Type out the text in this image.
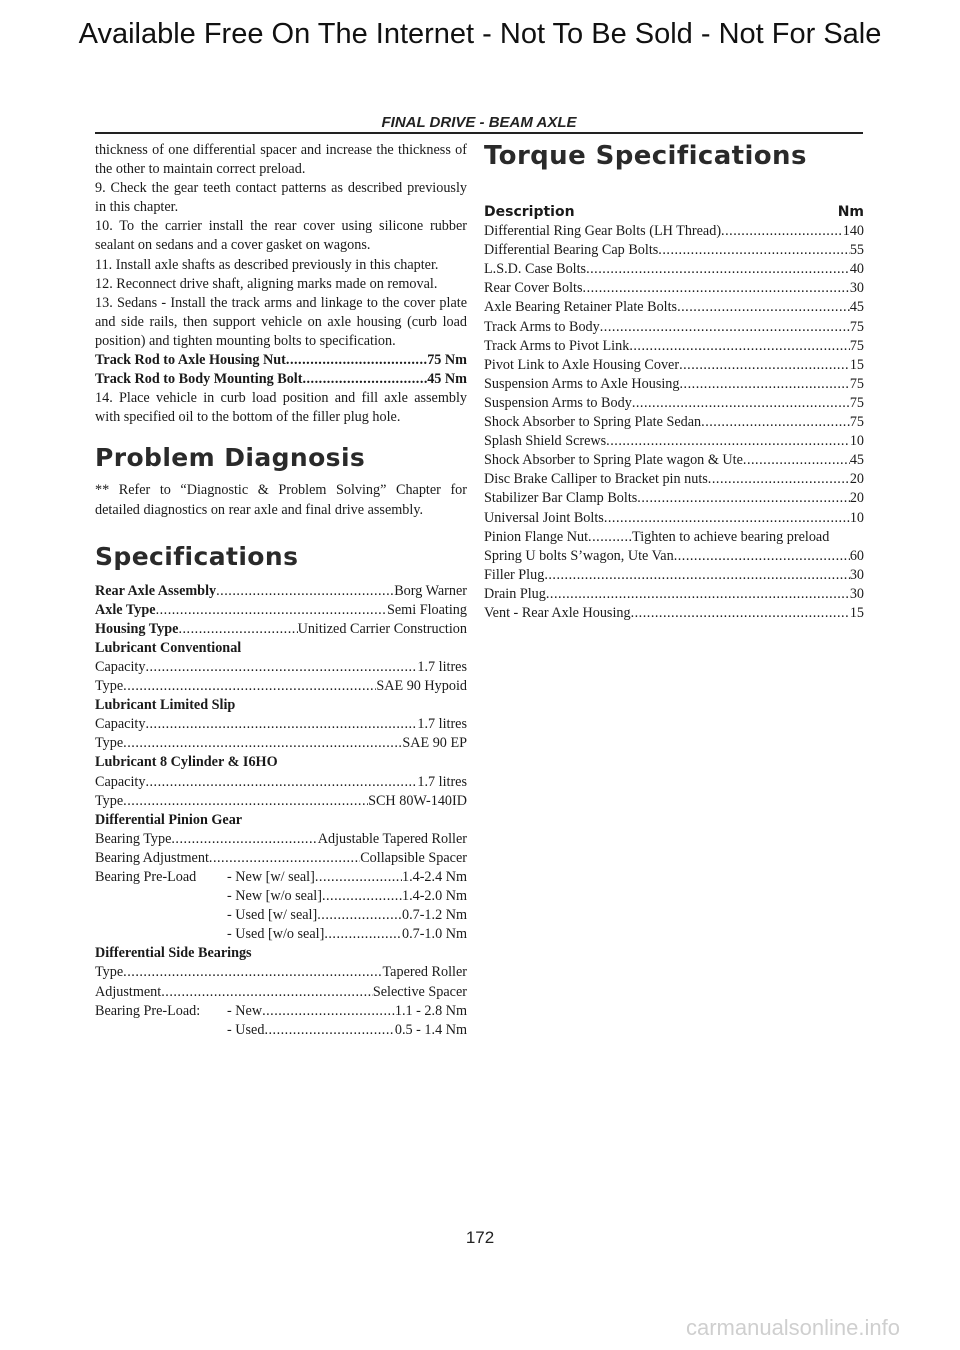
Available Free On The Internet - Not To Be Sold - Not For Sale
FINAL DRIVE - BEAM AXLE

thickness of one differential spacer and increase the thickness of the other to maintain correct preload.

9. Check the gear teeth contact patterns as described previously in this chapter.

10. To the carrier install the rear cover using silicone rubber sealant on sedans and a cover gasket on wagons.

11. Install axle shafts as described previously in this chapter.

12. Reconnect drive shaft, aligning marks made on removal.

13. Sedans - Install the track arms and linkage to the cover plate and side rails, then support vehicle on axle housing (curb load position) and tighten mounting bolts to specification.

Track Rod to Axle Housing Nut .....	75 Nm
Track Rod to Body Mounting Bolt .....	45 Nm

14. Place vehicle in curb load position and fill axle assembly with specified oil to the bottom of the filler plug hole.

Problem Diagnosis

** Refer to “Diagnostic & Problem Solving” Chapter for detailed diagnostics on rear axle and final drive assembly.

Specifications
Rear Axle Assembly .....	Borg Warner
Axle Type .....	Semi Floating
Housing Type .....	Unitized Carrier Construction
Lubricant Conventional
Capacity .....	1.7 litres
Type .....	SAE 90 Hypoid
Lubricant Limited Slip
Capacity .....	1.7 litres
Type .....	SAE 90 EP
Lubricant 8 Cylinder & I6HO
Capacity .....	1.7 litres
Type .....	SCH 80W-140ID
Differential Pinion Gear
Bearing Type .....	Adjustable Tapered Roller
Bearing Adjustment .....	Collapsible Spacer
Bearing Pre-Load	- New [w/ seal] .....	1.4-2.4 Nm
- New [w/o seal] .....	1.4-2.0 Nm
- Used [w/ seal] .....	0.7-1.2 Nm
- Used [w/o seal] .....	0.7-1.0 Nm
Differential Side Bearings
Type .....	Tapered Roller
Adjustment .....	Selective Spacer
Bearing Pre-Load:	- New .....	1.1 - 2.8 Nm
- Used .....	0.5 - 1.4 Nm
Torque Specifications
Description	Nm
Differential Ring Gear Bolts (LH Thread) .....	140
Differential Bearing Cap Bolts .....	55
L.S.D. Case Bolts .....	40
Rear Cover Bolts .....	30
Axle Bearing Retainer Plate Bolts .....	45
Track Arms to Body .....	75
Track Arms to Pivot Link .....	75
Pivot Link to Axle Housing Cover .....	15
Suspension Arms to Axle Housing .....	75
Suspension Arms to Body .....	75
Shock Absorber to Spring Plate Sedan .....	75
Splash Shield Screws .....	10
Shock Absorber to Spring Plate wagon & Ute .....	45
Disc Brake Calliper to Bracket pin nuts .....	20
Stabilizer Bar Clamp Bolts .....	20
Universal Joint Bolts .....	10
Pinion Flange Nut .....	Tighten to achieve bearing preload
Spring U bolts S’wagon, Ute Van .....	60
Filler Plug .....	30
Drain Plug .....	30
Vent - Rear Axle Housing .....	15
172
carmanualsonline.info
